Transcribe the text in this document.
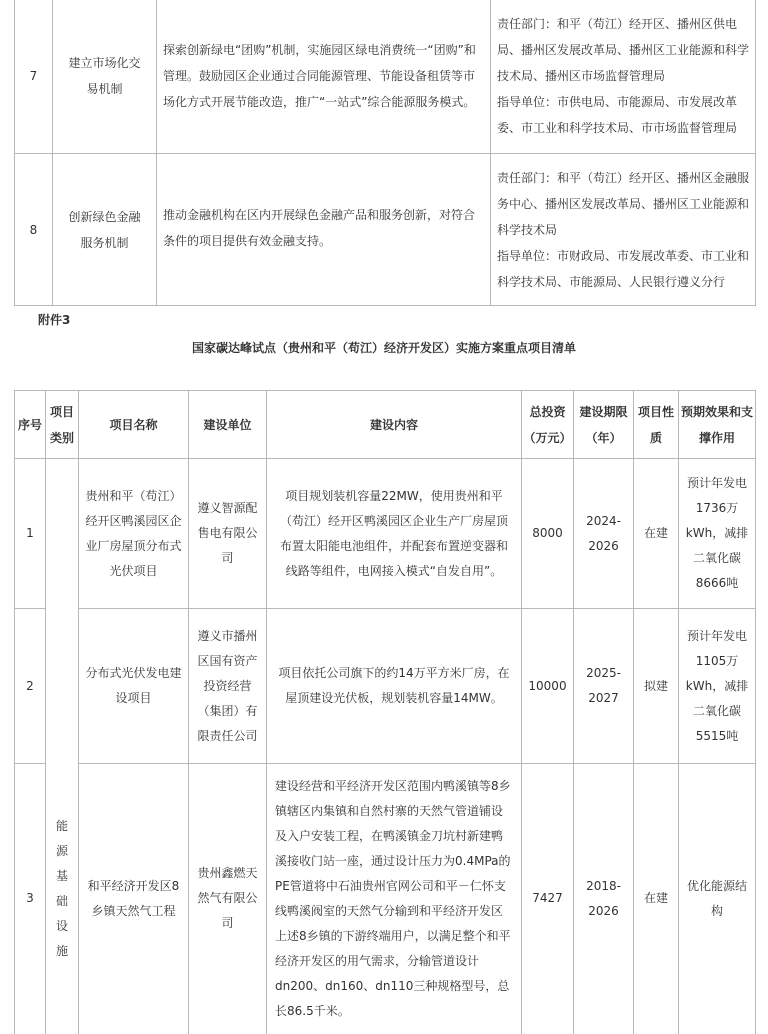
7	建立市场化交易机制	探索创新绿电“团购”机制，实施园区绿电消费统一“团购”和管理。鼓励园区企业通过合同能源管理、节能设备租赁等市场化方式开展节能改造，推广“一站式”综合能源服务模式。	责任部门：和平（苟江）经开区、播州区供电局、播州区发展改革局、播州区工业能源和科学技术局、播州区市场监督管理局
指导单位：市供电局、市能源局、市发展改革委、市工业和科学技术局、市市场监督管理局

8	创新绿色金融服务机制	推动金融机构在区内开展绿色金融产品和服务创新，对符合条件的项目提供有效金融支持。	责任部门：和平（苟江）经开区、播州区金融服务中心、播州区发展改革局、播州区工业能源和科学技术局
指导单位：市财政局、市发展改革委、市工业和科学技术局、市能源局、人民银行遵义分行
附件3
国家碳达峰试点（贵州和平（苟江）经济开发区）实施方案重点项目清单
序号	项目类别	项目名称	建设单位	建设内容	总投资（万元）	建设期限（年）	项目性质	预期效果和支撑作用
1	能源基础设施	贵州和平（苟江）经开区鸭溪园区企业厂房屋顶分布式光伏项目	遵义智源配售电有限公司	项目规划装机容量22MW，使用贵州和平（苟江）经开区鸭溪园区企业生产厂房屋顶布置太阳能电池组件，并配套布置逆变器和线路等组件，电网接入模式“自发自用”。	8000	2024-2026	在建	预计年发电1736万kWh，减排二氧化碳8666吨
2		分布式光伏发电建设项目	遵义市播州区国有资产投资经营（集团）有限责任公司	项目依托公司旗下的约14万平方米厂房，在屋顶建设光伏板，规划装机容量14MW。	10000	2025-2027	拟建	预计年发电1105万kWh，减排二氧化碳5515吨
3		和平经济开发区8乡镇天然气工程	贵州鑫燃天然气有限公司	建设经营和平经济开发区范围内鸭溪镇等8乡镇辖区内集镇和自然村寨的天然气管道铺设及入户安装工程，在鸭溪镇金刀坑村新建鸭溪接收门站一座，通过设计压力为0.4MPa的PE管道将中石油贵州官网公司和平－仁怀支线鸭溪阀室的天然气分输到和平经济开发区上述8乡镇的下游终端用户，以满足整个和平经济开发区的用气需求，分输管道设计dn200、dn160、dn110三种规格型号，总长86.5千米。	7427	2018-2026	在建	优化能源结构
